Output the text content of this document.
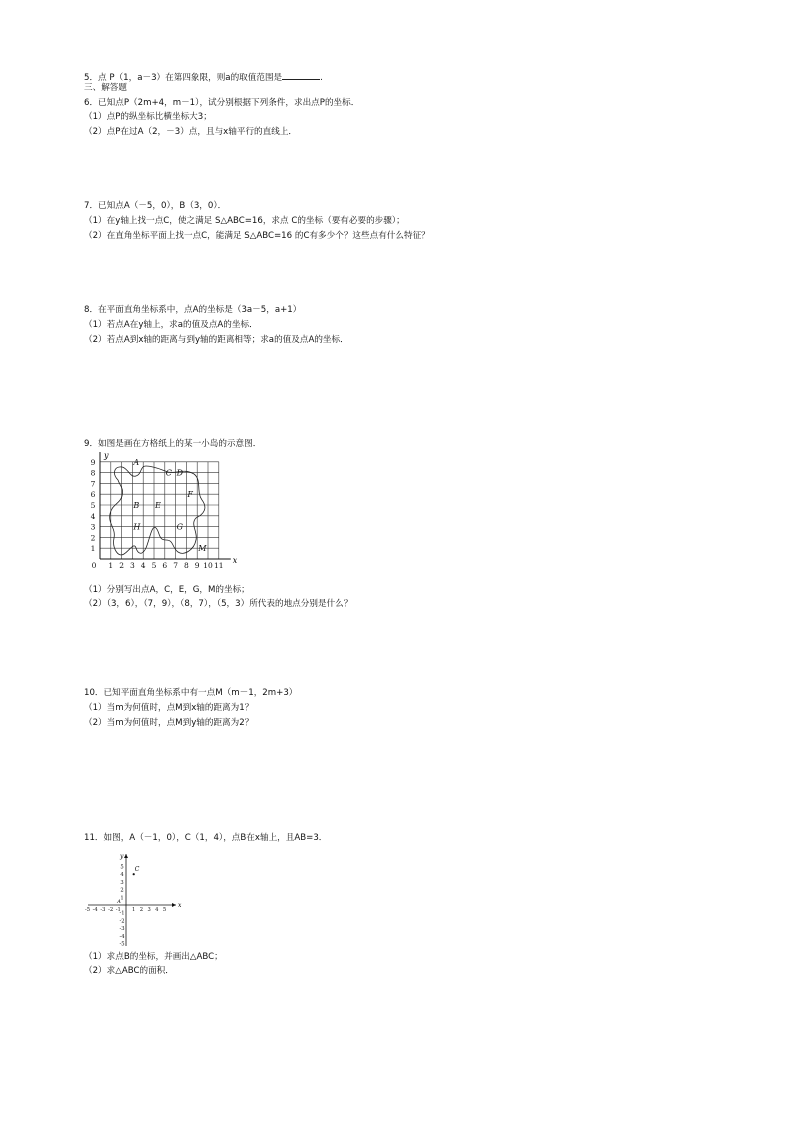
5．点 P（1，a－3）在第四象限，则a的取值范围是	.
三、解答题
6．已知点P（2m+4，m－1），试分别根据下列条件，求出点P的坐标．
（1）点P的纵坐标比横坐标大3；
（2）点P在过A（2，－3）点，且与x轴平行的直线上．
7．已知点A（－5，0），B（3，0）．
（1）在y轴上找一点C，使之满足 S△ABC=16，求点 C的坐标（要有必要的步骤）；
（2）在直角坐标平面上找一点C，能满足 S△ABC=16 的C有多少个？这些点有什么特征？
8．在平面直角坐标系中，点A的坐标是（3a－5，a+1）
（1）若点A在y轴上，求a的值及点A的坐标．
（2）若点A到x轴的距离与到y轴的距离相等；求a的值及点A的坐标．
9．如图是画在方格纸上的某一小岛的示意图．
0 1 2 3 4 5 6 7 8 9 10 11
1
2
3
4
5
6
7
8
9
x
y
A
C D
F
B E
H	G
M
（1）分别写出点A，C，E，G，M的坐标；
（2）（3，6），（7，9），（8，7），（5，3）所代表的地点分别是什么？
10．已知平面直角坐标系中有一点M（m－1，2m+3）
（1）当m为何值时，点M到x轴的距离为1？
（2）当m为何值时，点M到y轴的距离为2？
11．如图，A（－1，0），C（1，4），点B在x轴上，且AB=3．
1 2 3 4 5
-5 -4 -3 -2 -1
1
2
3
4
5
-1
-2
-3
-4
-5
x
y
C
A
（1）求点B的坐标，并画出△ABC；
（2）求△ABC的面积．
